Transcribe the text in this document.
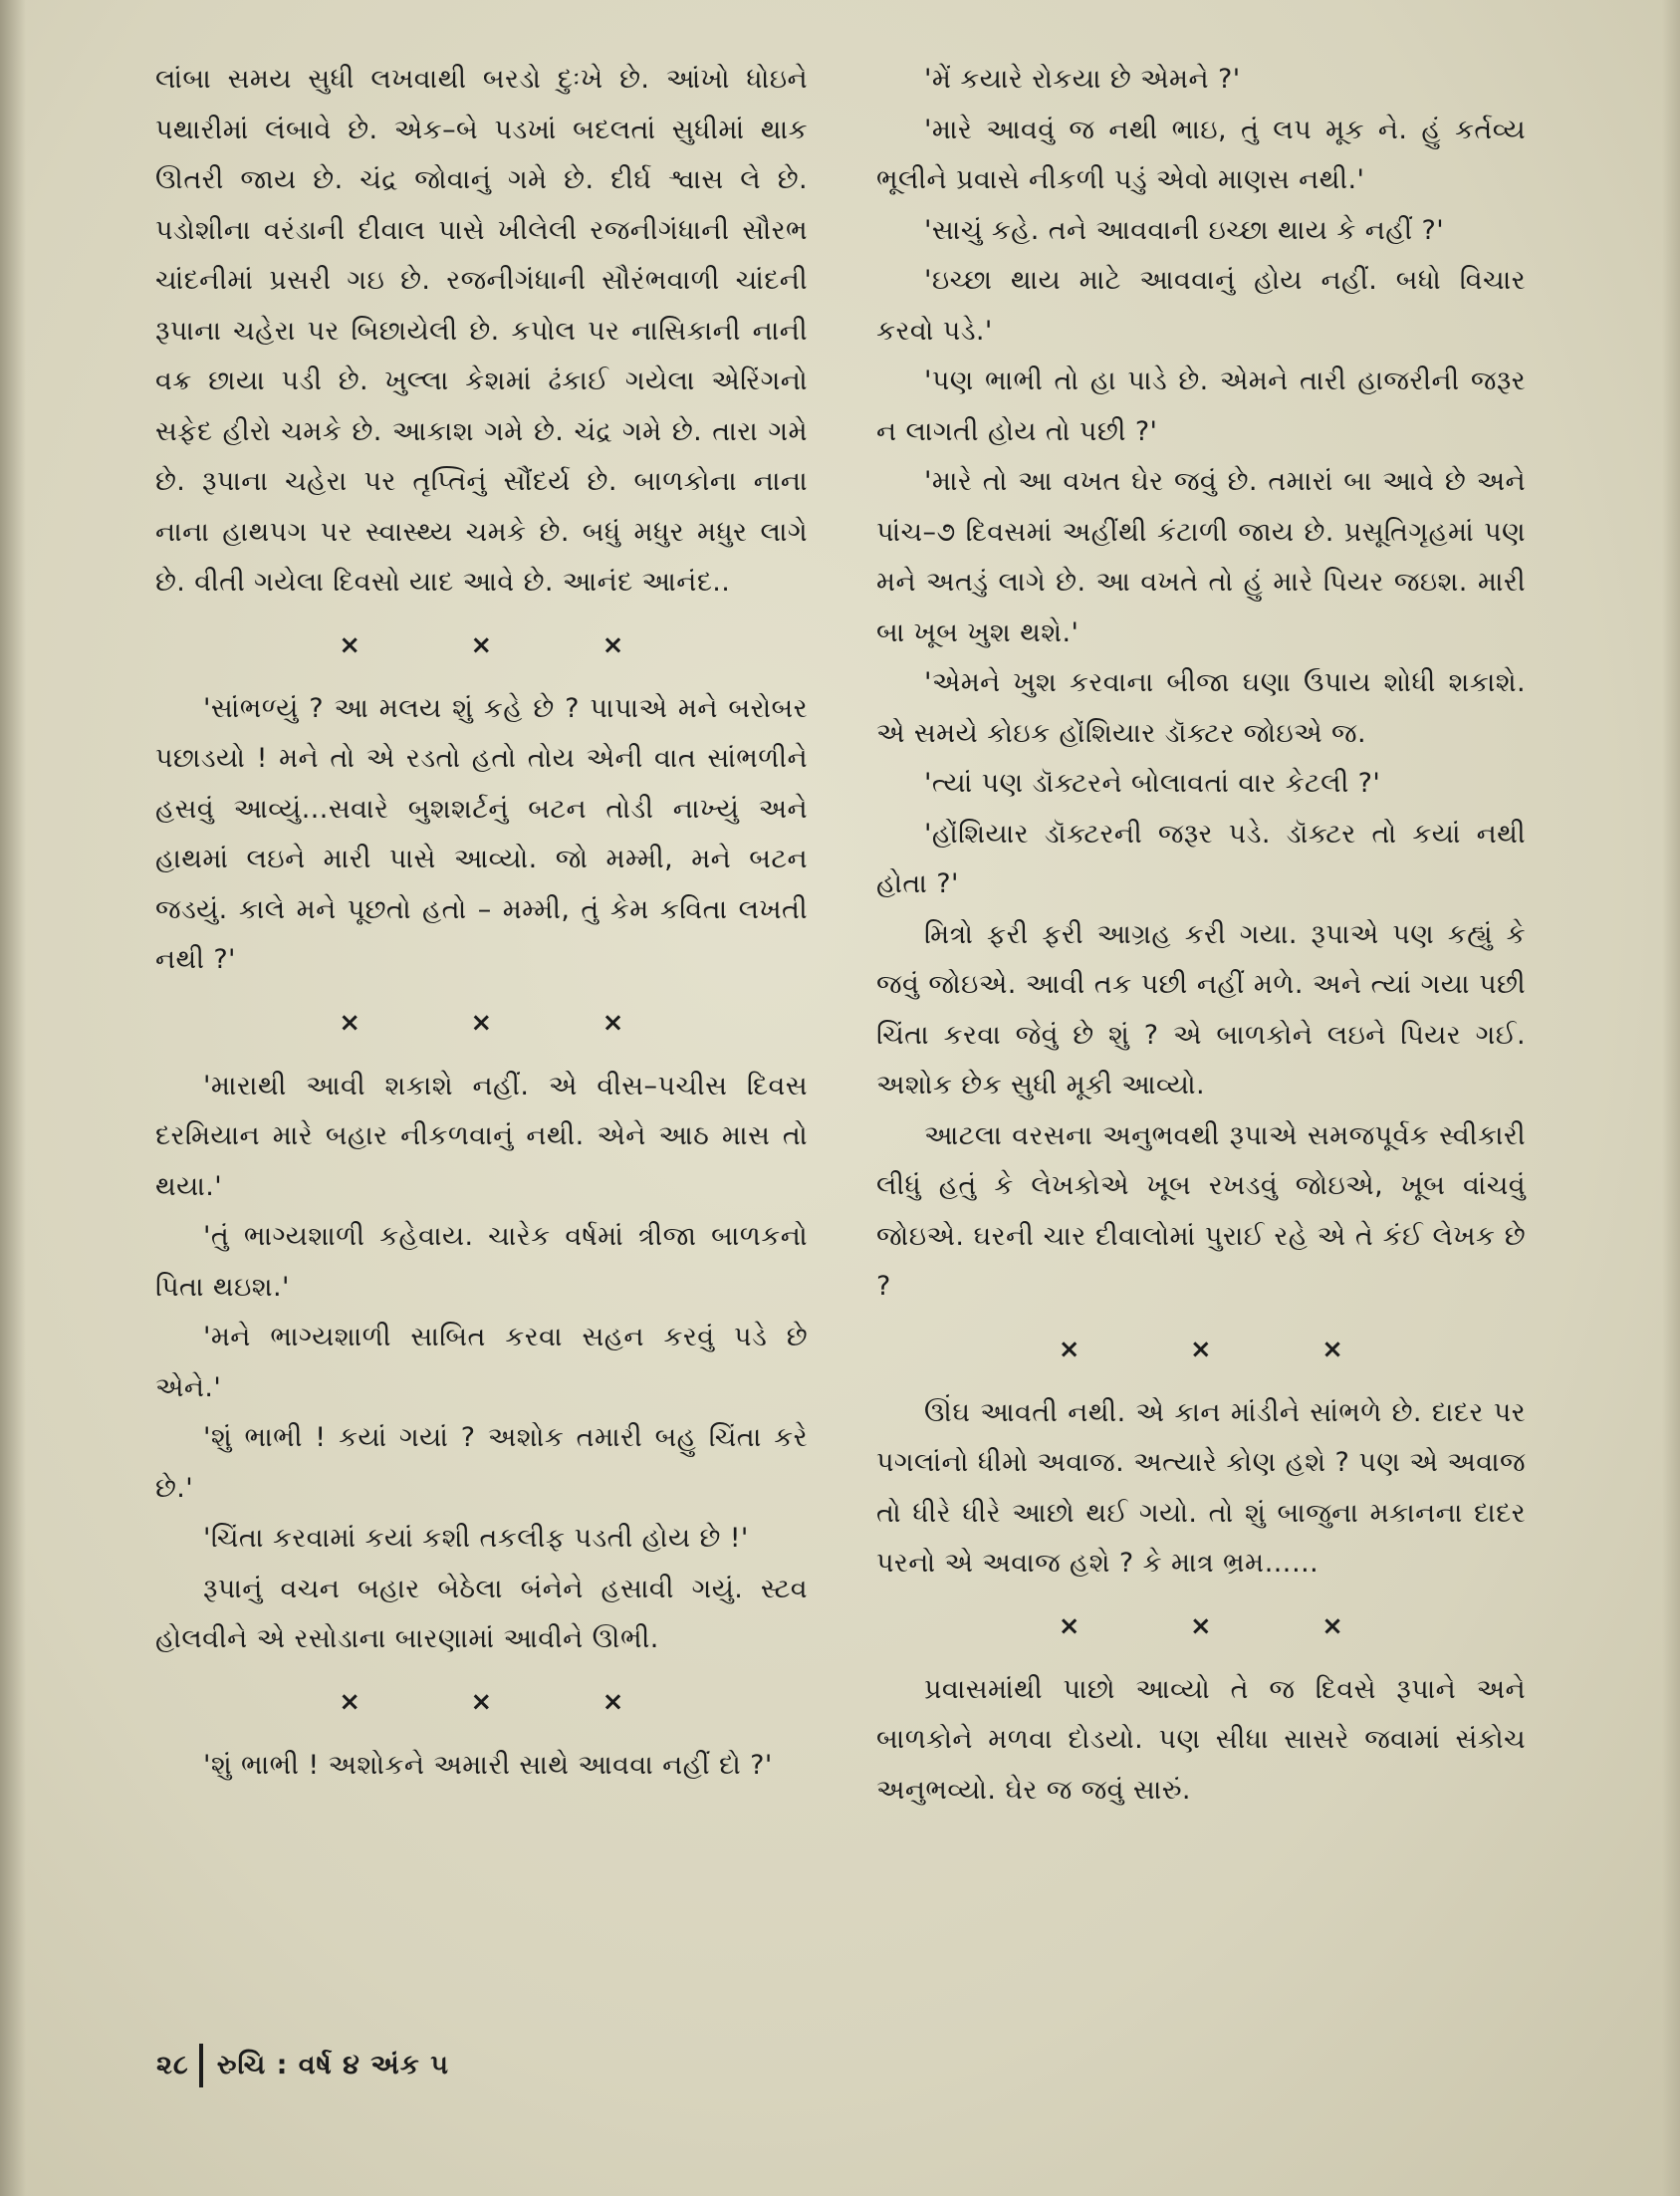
લાંબા સમય સુધી લખવાથી બરડો દુઃખે છે. આંખો ધોઇને પથારીમાં લંબાવે છે. એક–બે પડખાં બદલતાં સુધીમાં થાક ઊતરી જાય છે. ચંદ્ર જોવાનું ગમે છે. દીર્ઘ શ્વાસ લે છે. પડોશીના વરંડાની દીવાલ પાસે ખીલેલી રજનીગંધાની સૌરભ ચાંદનીમાં પ્રસરી ગઇ છે. રજનીગંધાની સૌરંભવાળી ચાંદની રૂપાના ચહેરા પર બિછાયેલી છે. કપોલ પર નાસિકાની નાની વક્ર છાયા પડી છે. ખુલ્લા કેશમાં ઢંકાઈ ગયેલા એરિંગનો સફેદ હીરો ચમકે છે. આકાશ ગમે છે. ચંદ્ર ગમે છે. તારા ગમે છે. રૂપાના ચહેરા પર તૃપ્તિનું સૌંદર્ય છે. બાળકોના નાના નાના હાથપગ પર સ્વાસ્થ્ય ચમકે છે. બધું મધુર મધુર લાગે છે. વીતી ગયેલા દિવસો યાદ આવે છે. આનંદ આનંદ..

×	×	×

'સાંભળ્યું ? આ મલય શું કહે છે ? પાપાએ મને બરોબર પછાડયો ! મને તો એ રડતો હતો તોય એની વાત સાંભળીને હસવું આવ્યું…સવારે બુશશર્ટનું બટન તોડી નાખ્યું અને હાથમાં લઇને મારી પાસે આવ્યો. જો મમ્મી, મને બટન જડયું. કાલે મને પૂછતો હતો – મમ્મી, તું કેમ કવિતા લખતી નથી ?'

×	×	×

'મારાથી આવી શકાશે નહીં. એ વીસ–પચીસ દિવસ દરમિયાન મારે બહાર નીકળવાનું નથી. એને આઠ માસ તો થયા.'

'તું ભાગ્યશાળી કહેવાય. ચારેક વર્ષમાં ત્રીજા બાળકનો પિતા થઇશ.'

'મને ભાગ્યશાળી સાબિત કરવા સહન કરવું પડે છે એને.'

'શું ભાભી ! કયાં ગયાં ? અશોક તમારી બહુ ચિંતા કરે છે.'

'ચિંતા કરવામાં કયાં કશી તકલીફ પડતી હોય છે !'

રૂપાનું વચન બહાર બેઠેલા બંનેને હસાવી ગયું. સ્ટવ હોલવીને એ રસોડાના બારણામાં આવીને ઊભી.

×	×	×

'શું ભાભી ! અશોકને અમારી સાથે આવવા નહીં દો ?'

'મેં કયારે રોકયા છે એમને ?'

'મારે આવવું જ નથી ભાઇ, તું લપ મૂક ને. હું કર્તવ્ય ભૂલીને પ્રવાસે નીકળી પડું એવો માણસ નથી.'

'સાચું કહે. તને આવવાની ઇચ્છા થાય કે નહીં ?'

'ઇચ્છા થાય માટે આવવાનું હોય નહીં. બધો વિચાર કરવો પડે.'

'પણ ભાભી તો હા પાડે છે. એમને તારી હાજરીની જરૂર ન લાગતી હોય તો પછી ?'

'મારે તો આ વખત ઘેર જવું છે. તમારાં બા આવે છે અને પાંચ–૭ દિવસમાં અહીંથી કંટાળી જાય છે. પ્રસૂતિગૃહમાં પણ મને અતડું લાગે છે. આ વખતે તો હું મારે પિયર જઇશ. મારી બા ખૂબ ખુશ થશે.'

'એમને ખુશ કરવાના બીજા ઘણા ઉપાય શોધી શકાશે. એ સમયે કોઇક હોંશિયાર ડૉક્ટર જોઇએ જ.

'ત્યાં પણ ડૉક્ટરને બોલાવતાં વાર કેટલી ?'

'હોંશિયાર ડૉક્ટરની જરૂર પડે. ડૉક્ટર તો કયાં નથી હોતા ?'

મિત્રો ફરી ફરી આગ્રહ કરી ગયા. રૂપાએ પણ કહ્યું કે જવું જોઇએ. આવી તક પછી નહીં મળે. અને ત્યાં ગયા પછી ચિંતા કરવા જેવું છે શું ? એ બાળકોને લઇને પિયર ગઈ. અશોક છેક સુધી મૂકી આવ્યો.

આટલા વરસના અનુભવથી રૂપાએ સમજપૂર્વક સ્વીકારી લીધું હતું કે લેખકોએ ખૂબ રખડવું જોઇએ, ખૂબ વાંચવું જોઇએ. ઘરની ચાર દીવાલોમાં પુરાઈ રહે એ તે કંઈ લેખક છે ?

×	×	×

ઊંઘ આવતી નથી. એ કાન માંડીને સાંભળે છે. દાદર પર પગલાંનો ધીમો અવાજ. અત્યારે કોણ હશે ? પણ એ અવાજ તો ધીરે ધીરે આછો થઈ ગયો. તો શું બાજુના મકાનના દાદર પરનો એ અવાજ હશે ? કે માત્ર ભ્રમ……

×	×	×

પ્રવાસમાંથી પાછો આવ્યો તે જ દિવસે રૂપાને અને બાળકોને મળવા દોડયો. પણ સીધા સાસરે જવામાં સંકોચ અનુભવ્યો. ઘેર જ જવું સારું.

૨૮ રુચિ : વર્ષ ૪ અંક ૫
